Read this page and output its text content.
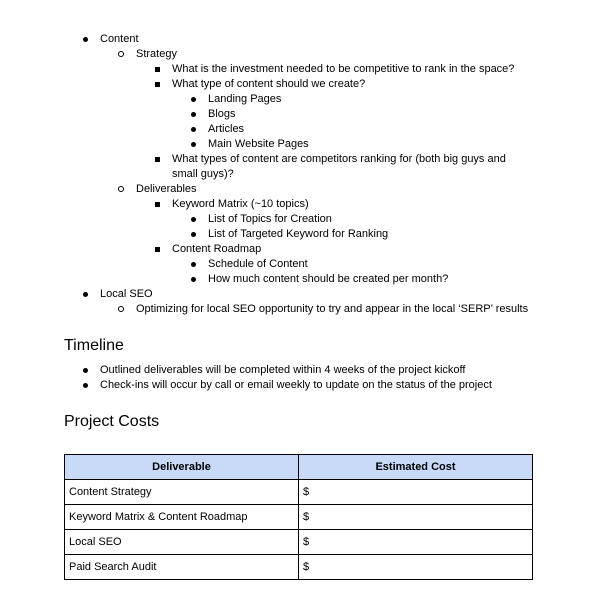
Content
Strategy
What is the investment needed to be competitive to rank in the space?
What type of content should we create?
Landing Pages
Blogs
Articles
Main Website Pages
What types of content are competitors ranking for (both big guys and
small guys)?
Deliverables
Keyword Matrix (~10 topics)
List of Topics for Creation
List of Targeted Keyword for Ranking
Content Roadmap
Schedule of Content
How much content should be created per month?
Local SEO
Optimizing for local SEO opportunity to try and appear in the local ‘SERP’ results
Timeline
Outlined deliverables will be completed within 4 weeks of the project kickoff
Check-ins will occur by call or email weekly to update on the status of the project
Project Costs
Deliverable	Estimated Cost
Content Strategy	$
Keyword Matrix & Content Roadmap	$
Local SEO	$
Paid Search Audit	$
